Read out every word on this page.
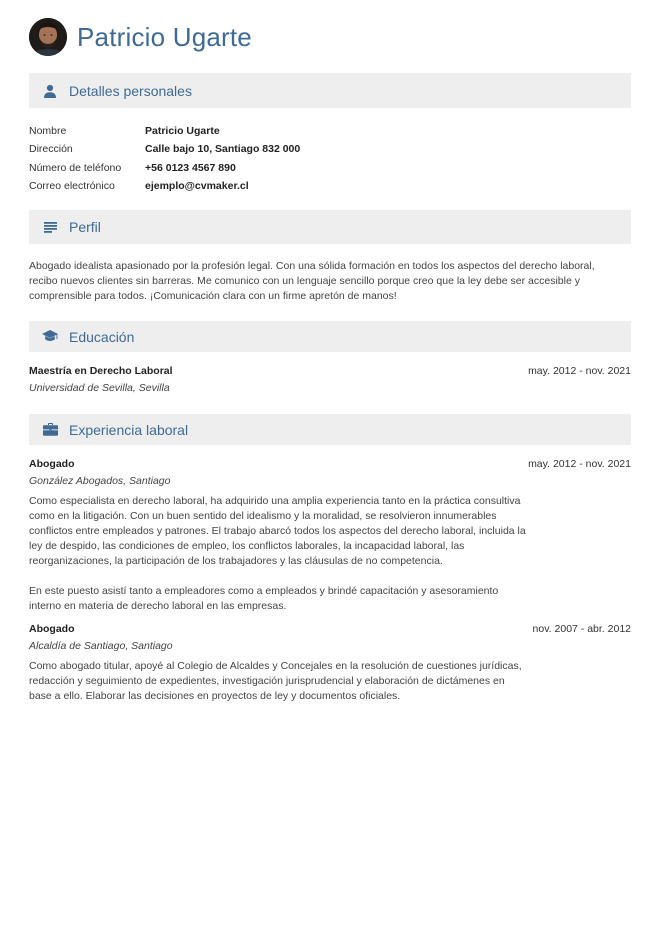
Patricio Ugarte
Detalles personales
Nombre	Patricio Ugarte
Dirección	Calle bajo 10, Santiago 832 000
Número de teléfono	+56 0123 4567 890
Correo electrónico	ejemplo@cvmaker.cl
Perfil
Abogado idealista apasionado por la profesión legal. Con una sólida formación en todos los aspectos del derecho laboral, recibo nuevos clientes sin barreras. Me comunico con un lenguaje sencillo porque creo que la ley debe ser accesible y comprensible para todos. ¡Comunicación clara con un firme apretón de manos!
Educación
Maestría en Derecho Laboral	may. 2012 - nov. 2021
Universidad de Sevilla, Sevilla
Experiencia laboral
Abogado	may. 2012 - nov. 2021
González Abogados, Santiago
Como especialista en derecho laboral, ha adquirido una amplia experiencia tanto en la práctica consultiva como en la litigación. Con un buen sentido del idealismo y la moralidad, se resolvieron innumerables conflictos entre empleados y patrones. El trabajo abarcó todos los aspectos del derecho laboral, incluida la ley de despido, las condiciones de empleo, los conflictos laborales, la incapacidad laboral, las reorganizaciones, la participación de los trabajadores y las cláusulas de no competencia.
En este puesto asistí tanto a empleadores como a empleados y brindé capacitación y asesoramiento interno en materia de derecho laboral en las empresas.
Abogado	nov. 2007 - abr. 2012
Alcaldía de Santiago, Santiago
Como abogado titular, apoyé al Colegio de Alcaldes y Concejales en la resolución de cuestiones jurídicas, redacción y seguimiento de expedientes, investigación jurisprudencial y elaboración de dictámenes en base a ello. Elaborar las decisiones en proyectos de ley y documentos oficiales.
